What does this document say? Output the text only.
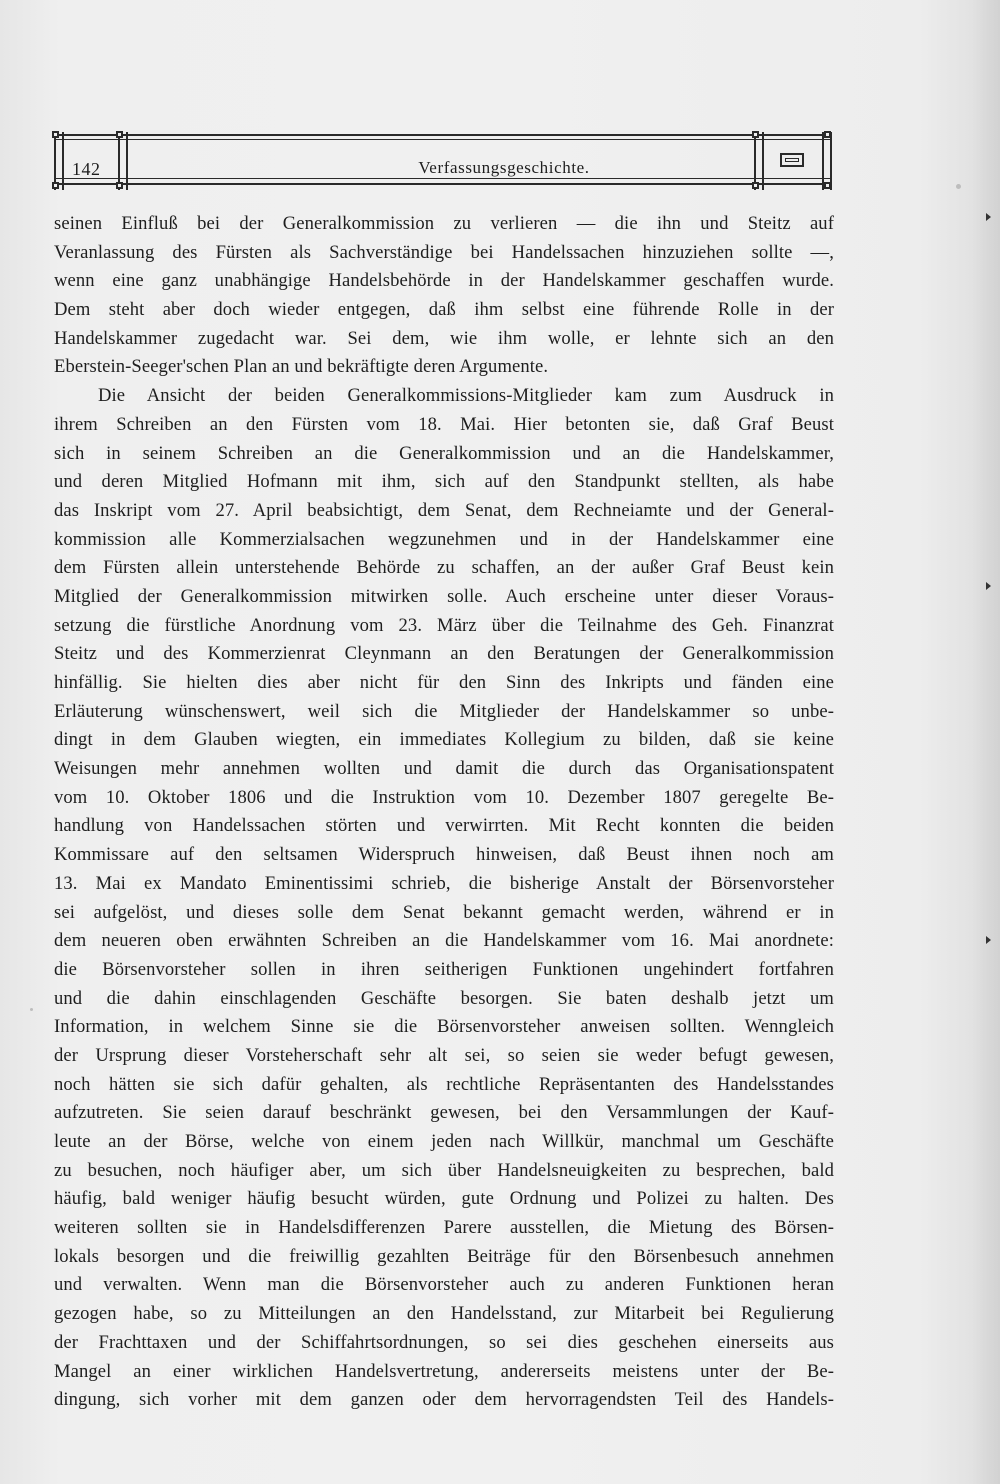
142	Verfassungsgeschichte.
seinen Einfluß bei der Generalkommission zu verlieren — die ihn und Steitz auf
Veranlassung des Fürsten als Sachverständige bei Handelssachen hinzuziehen sollte —,
wenn eine ganz unabhängige Handelsbehörde in der Handelskammer geschaffen wurde.
Dem steht aber doch wieder entgegen, daß ihm selbst eine führende Rolle in der
Handelskammer zugedacht war. Sei dem, wie ihm wolle, er lehnte sich an den
Eberstein-Seeger'schen Plan an und bekräftigte deren Argumente.
Die Ansicht der beiden Generalkommissions-Mitglieder kam zum Ausdruck in
ihrem Schreiben an den Fürsten vom 18. Mai. Hier betonten sie, daß Graf Beust
sich in seinem Schreiben an die Generalkommission und an die Handelskammer,
und deren Mitglied Hofmann mit ihm, sich auf den Standpunkt stellten, als habe
das Inskript vom 27. April beabsichtigt, dem Senat, dem Rechneiamte und der General-
kommission alle Kommerzialsachen wegzunehmen und in der Handelskammer eine
dem Fürsten allein unterstehende Behörde zu schaffen, an der außer Graf Beust kein
Mitglied der Generalkommission mitwirken solle. Auch erscheine unter dieser Voraus-
setzung die fürstliche Anordnung vom 23. März über die Teilnahme des Geh. Finanzrat
Steitz und des Kommerzienrat Cleynmann an den Beratungen der Generalkommission
hinfällig. Sie hielten dies aber nicht für den Sinn des Inkripts und fänden eine
Erläuterung wünschenswert, weil sich die Mitglieder der Handelskammer so unbe-
dingt in dem Glauben wiegten, ein immediates Kollegium zu bilden, daß sie keine
Weisungen mehr annehmen wollten und damit die durch das Organisationspatent
vom 10. Oktober 1806 und die Instruktion vom 10. Dezember 1807 geregelte Be-
handlung von Handelssachen störten und verwirrten. Mit Recht konnten die beiden
Kommissare auf den seltsamen Widerspruch hinweisen, daß Beust ihnen noch am
13. Mai ex Mandato Eminentissimi schrieb, die bisherige Anstalt der Börsenvorsteher
sei aufgelöst, und dieses solle dem Senat bekannt gemacht werden, während er in
dem neueren oben erwähnten Schreiben an die Handelskammer vom 16. Mai anordnete:
die Börsenvorsteher sollen in ihren seitherigen Funktionen ungehindert fortfahren
und die dahin einschlagenden Geschäfte besorgen. Sie baten deshalb jetzt um
Information, in welchem Sinne sie die Börsenvorsteher anweisen sollten. Wenngleich
der Ursprung dieser Vorsteherschaft sehr alt sei, so seien sie weder befugt gewesen,
noch hätten sie sich dafür gehalten, als rechtliche Repräsentanten des Handelsstandes
aufzutreten. Sie seien darauf beschränkt gewesen, bei den Versammlungen der Kauf-
leute an der Börse, welche von einem jeden nach Willkür, manchmal um Geschäfte
zu besuchen, noch häufiger aber, um sich über Handelsneuigkeiten zu besprechen, bald
häufig, bald weniger häufig besucht würden, gute Ordnung und Polizei zu halten. Des
weiteren sollten sie in Handelsdifferenzen Parere ausstellen, die Mietung des Börsen-
lokals besorgen und die freiwillig gezahlten Beiträge für den Börsenbesuch annehmen
und verwalten. Wenn man die Börsenvorsteher auch zu anderen Funktionen heran
gezogen habe, so zu Mitteilungen an den Handelsstand, zur Mitarbeit bei Regulierung
der Frachttaxen und der Schiffahrtsordnungen, so sei dies geschehen einerseits aus
Mangel an einer wirklichen Handelsvertretung, andererseits meistens unter der Be-
dingung, sich vorher mit dem ganzen oder dem hervorragendsten Teil des Handels-
